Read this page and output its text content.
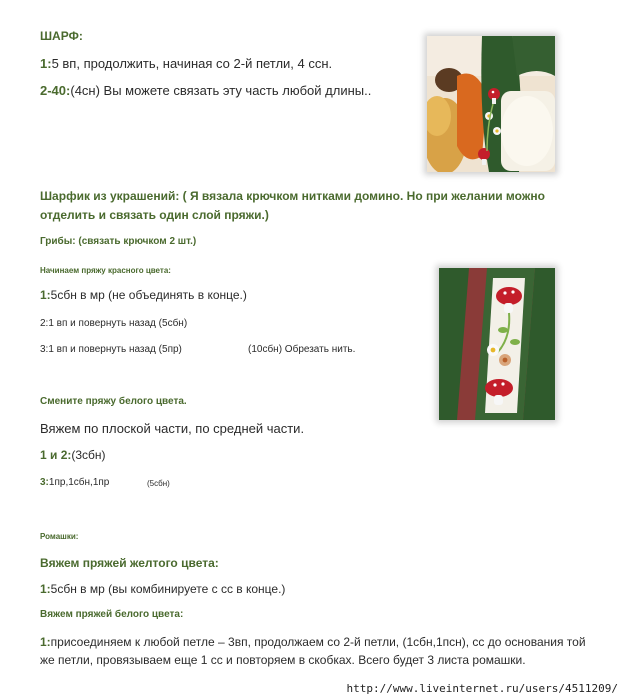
ШАРФ:
1:5 вп, продолжить, начиная со 2-й петли, 4 ссн.
2-40:(4сн) Вы можете связать эту часть любой длины..
Шарфик из украшений: ( Я вязала крючком нитками домино. Но при желании можно
отделить и связать один слой пряжи.)
Грибы: (связать крючком 2 шт.)
Начинаем пряжу красного цвета:
1:5сбн в мр (не объединять в конце.)
2:1 вп и повернуть назад (5сбн)
3:1 вп и повернуть назад (5пр)	(10сбн) Обрезать нить.
Смените пряжу белого цвета.
Вяжем по плоской части, по средней части.
1 и 2:(3сбн)
3:1пр,1сбн,1пр	(5сбн)
Ромашки:
Вяжем пряжей желтого цвета:
1:5сбн в мр (вы комбинируете с сс в конце.)
Вяжем пряжей белого цвета:
1:присоединяем к любой петле – 3вп, продолжаем со 2-й петли, (1сбн,1псн), сс до основания той
же петли, провязываем еще 1 сс и повторяем в скобках. Всего будет 3 листа ромашки.
http://www.liveinternet.ru/users/4511209/
